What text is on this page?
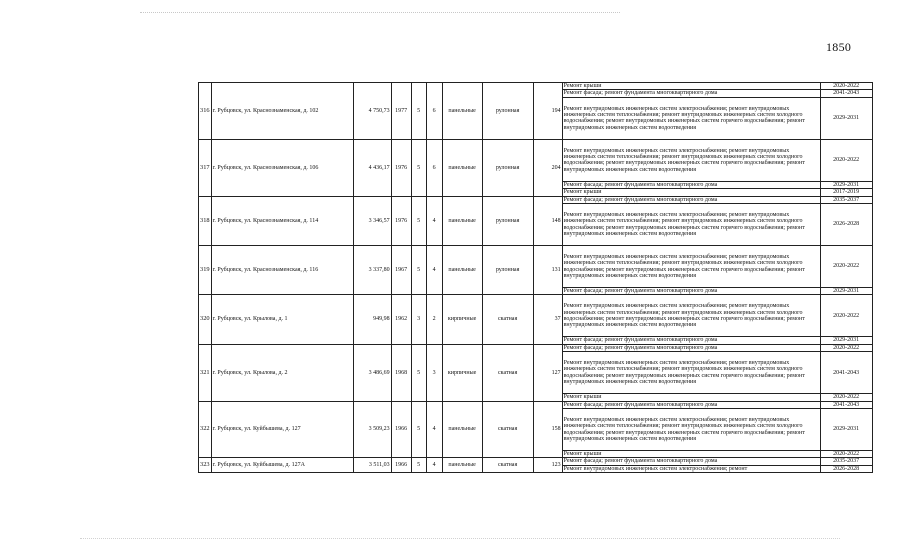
1850
316	г. Рубцовск, ул. Краснознаменская, д. 102	4 750,73	1977	5	6	панельные	рулонная	194	Ремонт крыши	2020-2022
									Ремонт фасада; ремонт фундамента многоквартирного дома	2041-2043
									Ремонт внутридомовых инженерных систем электроснабжения; ремонт внутридомовых инженерных систем теплоснабжения; ремонт внутридомовых инженерных систем холодного водоснабжения; ремонт внутридомовых инженерных систем горячего водоснабжения; ремонт внутридомовых инженерных систем водоотведения	2029-2031
317	г. Рубцовск, ул. Краснознаменская, д. 106	4 436,17	1976	5	6	панельные	рулонная	204	Ремонт внутридомовых инженерных систем электроснабжения; ремонт внутридомовых инженерных систем теплоснабжения; ремонт внутридомовых инженерных систем холодного водоснабжения; ремонт внутридомовых инженерных систем горячего водоснабжения; ремонт внутридомовых инженерных систем водоотведения	2020-2022
									Ремонт фасада; ремонт фундамента многоквартирного дома	2029-2031
									Ремонт крыши	2017-2019
318	г. Рубцовск, ул. Краснознаменская, д. 114	3 346,57	1976	5	4	панельные	рулонная	148	Ремонт фасада; ремонт фундамента многоквартирного дома	2035-2037
									Ремонт внутридомовых инженерных систем электроснабжения; ремонт внутридомовых инженерных систем теплоснабжения; ремонт внутридомовых инженерных систем холодного водоснабжения; ремонт внутридомовых инженерных систем горячего водоснабжения; ремонт внутридомовых инженерных систем водоотведения	2026-2028
319	г. Рубцовск, ул. Краснознаменская, д. 116	3 337,80	1967	5	4	панельные	рулонная	131	Ремонт внутридомовых инженерных систем электроснабжения; ремонт внутридомовых инженерных систем теплоснабжения; ремонт внутридомовых инженерных систем холодного водоснабжения; ремонт внутридомовых инженерных систем горячего водоснабжения; ремонт внутридомовых инженерных систем водоотведения	2020-2022
									Ремонт фасада; ремонт фундамента многоквартирного дома	2029-2031
320	г. Рубцовск, ул. Крылова, д. 1	949,98	1962	3	2	кирпичные	скатная	37	Ремонт внутридомовых инженерных систем электроснабжения; ремонт внутридомовых инженерных систем теплоснабжения; ремонт внутридомовых инженерных систем холодного водоснабжения; ремонт внутридомовых инженерных систем горячего водоснабжения; ремонт внутридомовых инженерных систем водоотведения	2020-2022
									Ремонт фасада; ремонт фундамента многоквартирного дома	2029-2031
321	г. Рубцовск, ул. Крылова, д. 2	3 486,69	1968	5	3	кирпичные	скатная	127	Ремонт фасада; ремонт фундамента многоквартирного дома	2020-2022
									Ремонт внутридомовых инженерных систем электроснабжения; ремонт внутридомовых инженерных систем теплоснабжения; ремонт внутридомовых инженерных систем холодного водоснабжения; ремонт внутридомовых инженерных систем горячего водоснабжения; ремонт внутридомовых инженерных систем водоотведения	2041-2043
									Ремонт крыши	2020-2022
322	г. Рубцовск, ул. Куйбышева, д. 127	3 509,23	1966	5	4	панельные	скатная	158	Ремонт фасада; ремонт фундамента многоквартирного дома	2041-2043
									Ремонт внутридомовых инженерных систем электроснабжения; ремонт внутридомовых инженерных систем теплоснабжения; ремонт внутридомовых инженерных систем холодного водоснабжения; ремонт внутридомовых инженерных систем горячего водоснабжения; ремонт внутридомовых инженерных систем водоотведения	2029-2031
									Ремонт крыши	2020-2022
323	г. Рубцовск, ул. Куйбышева, д. 127А	3 511,03	1966	5	4	панельные	скатная	123	Ремонт фасада; ремонт фундамента многоквартирного дома	2035-2037
									Ремонт внутридомовых инженерных систем электроснабжения; ремонт	2026-2028
